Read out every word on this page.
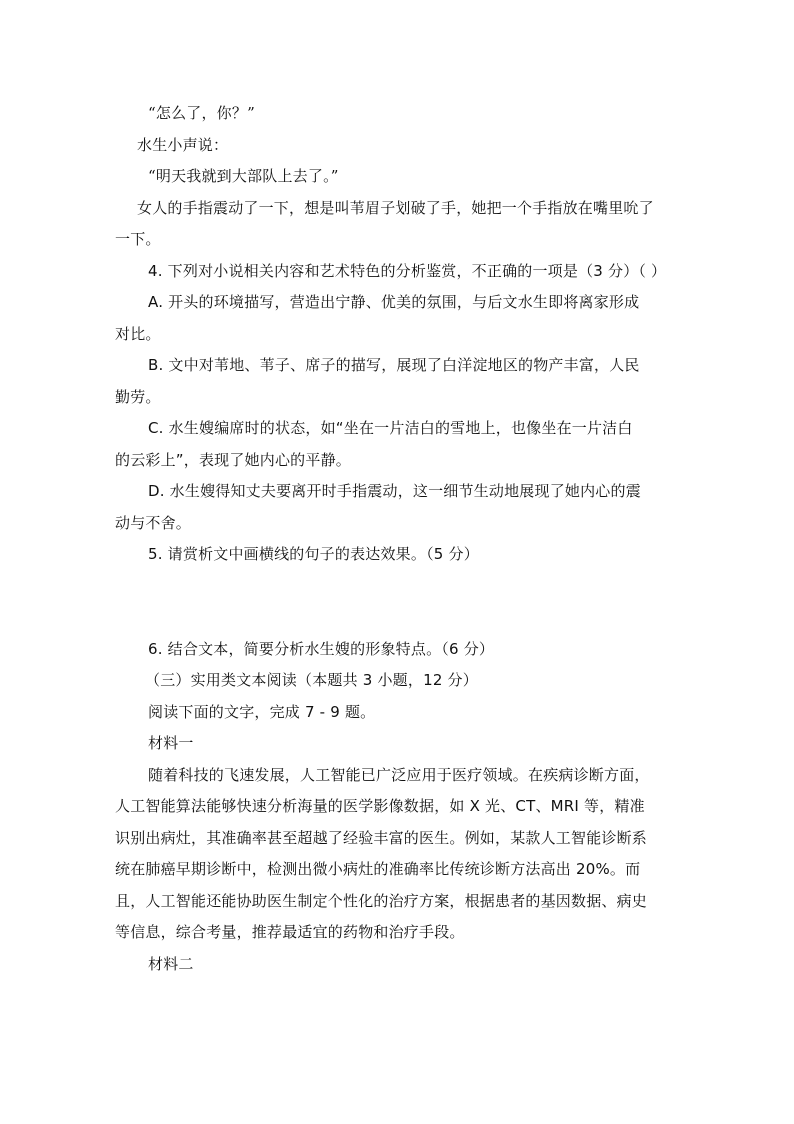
“怎么了，你？”
水生小声说：
“明天我就到大部队上去了。”
女人的手指震动了一下，想是叫苇眉子划破了手，她把一个手指放在嘴里吮了
一下。
4. 下列对小说相关内容和艺术特色的分析鉴赏，不正确的一项是（3 分）（ ）
A. 开头的环境描写，营造出宁静、优美的氛围，与后文水生即将离家形成
对比。
B. 文中对苇地、苇子、席子的描写，展现了白洋淀地区的物产丰富，人民
勤劳。
C. 水生嫂编席时的状态，如“坐在一片洁白的雪地上，也像坐在一片洁白
的云彩上”，表现了她内心的平静。
D. 水生嫂得知丈夫要离开时手指震动，这一细节生动地展现了她内心的震
动与不舍。
5. 请赏析文中画横线的句子的表达效果。（5 分）
6. 结合文本，简要分析水生嫂的形象特点。（6 分）
（三）实用类文本阅读（本题共 3 小题，12 分）
阅读下面的文字，完成 7 - 9 题。
材料一
随着科技的飞速发展，人工智能已广泛应用于医疗领域。在疾病诊断方面，
人工智能算法能够快速分析海量的医学影像数据，如 X 光、CT、MRI 等，精准
识别出病灶，其准确率甚至超越了经验丰富的医生。例如，某款人工智能诊断系
统在肺癌早期诊断中，检测出微小病灶的准确率比传统诊断方法高出 20%。而
且，人工智能还能协助医生制定个性化的治疗方案，根据患者的基因数据、病史
等信息，综合考量，推荐最适宜的药物和治疗手段。
材料二
